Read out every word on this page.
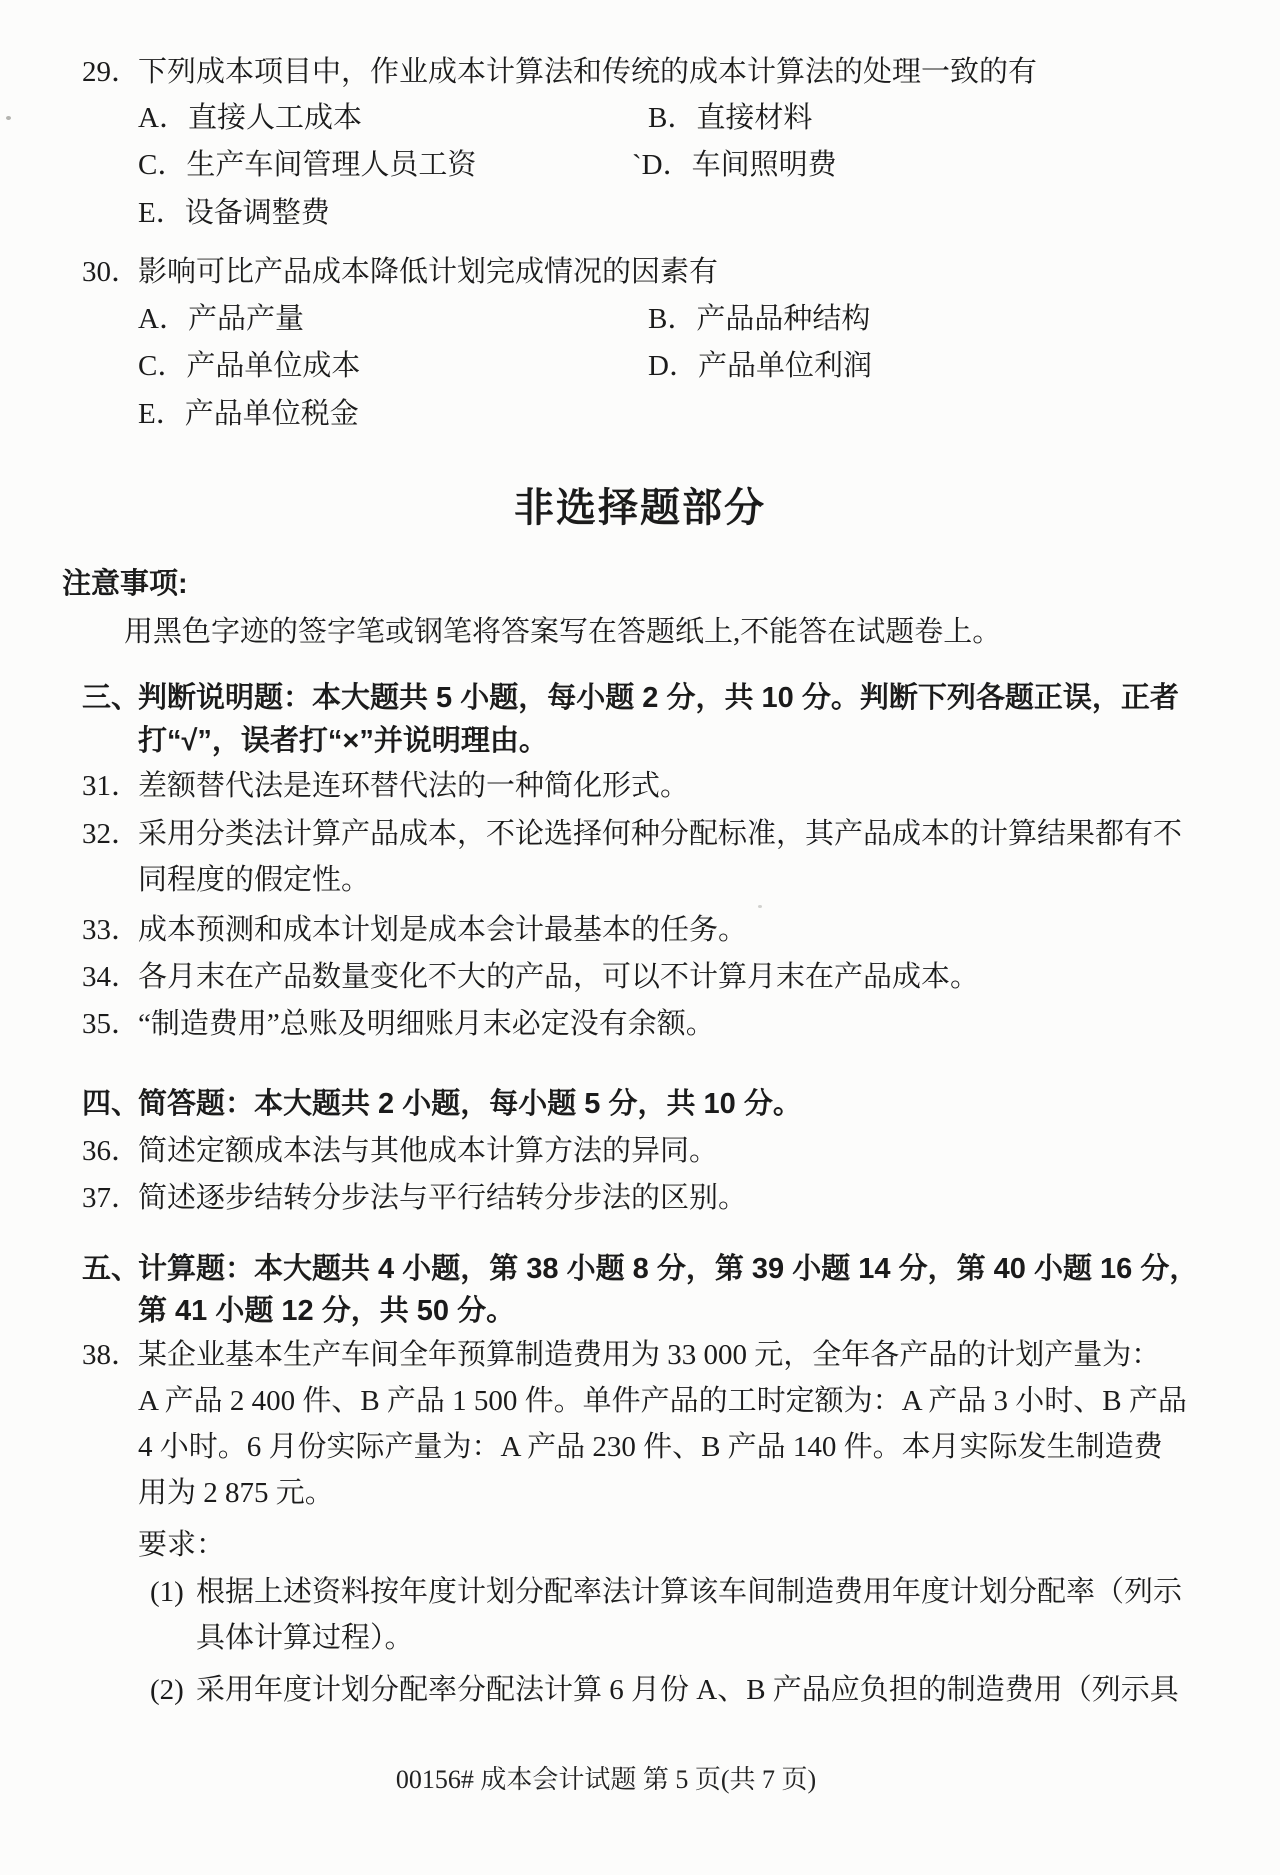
29．下列成本项目中，作业成本计算法和传统的成本计算法的处理一致的有
A．直接人工成本	B．直接材料
C．生产车间管理人员工资	`D．车间照明费
E．设备调整费
30．影响可比产品成本降低计划完成情况的因素有
A．产品产量	B．产品品种结构
C．产品单位成本	D．产品单位利润
E．产品单位税金
非选择题部分
注意事项:
用黑色字迹的签字笔或钢笔将答案写在答题纸上,不能答在试题卷上。
三、判断说明题：本大题共 5 小题，每小题 2 分，共 10 分。判断下列各题正误，正者
打“√”，误者打“×”并说明理由。
31．差额替代法是连环替代法的一种简化形式。
32．采用分类法计算产品成本，不论选择何种分配标准，其产品成本的计算结果都有不
同程度的假定性。
33．成本预测和成本计划是成本会计最基本的任务。
34．各月末在产品数量变化不大的产品，可以不计算月末在产品成本。
35．“制造费用”总账及明细账月末必定没有余额。
四、简答题：本大题共 2 小题，每小题 5 分，共 10 分。
36．简述定额成本法与其他成本计算方法的异同。
37．简述逐步结转分步法与平行结转分步法的区别。
五、计算题：本大题共 4 小题，第 38 小题 8 分，第 39 小题 14 分，第 40 小题 16 分，
第 41 小题 12 分，共 50 分。
38．某企业基本生产车间全年预算制造费用为 33 000 元，全年各产品的计划产量为：
A 产品 2 400 件、B 产品 1 500 件。单件产品的工时定额为：A 产品 3 小时、B 产品
4 小时。6 月份实际产量为：A 产品 230 件、B 产品 140 件。本月实际发生制造费
用为 2 875 元。
要求：
(1) 根据上述资料按年度计划分配率法计算该车间制造费用年度计划分配率（列示
具体计算过程）。
(2) 采用年度计划分配率分配法计算 6 月份 A、B 产品应负担的制造费用（列示具
00156# 成本会计试题 第 5 页(共 7 页)
